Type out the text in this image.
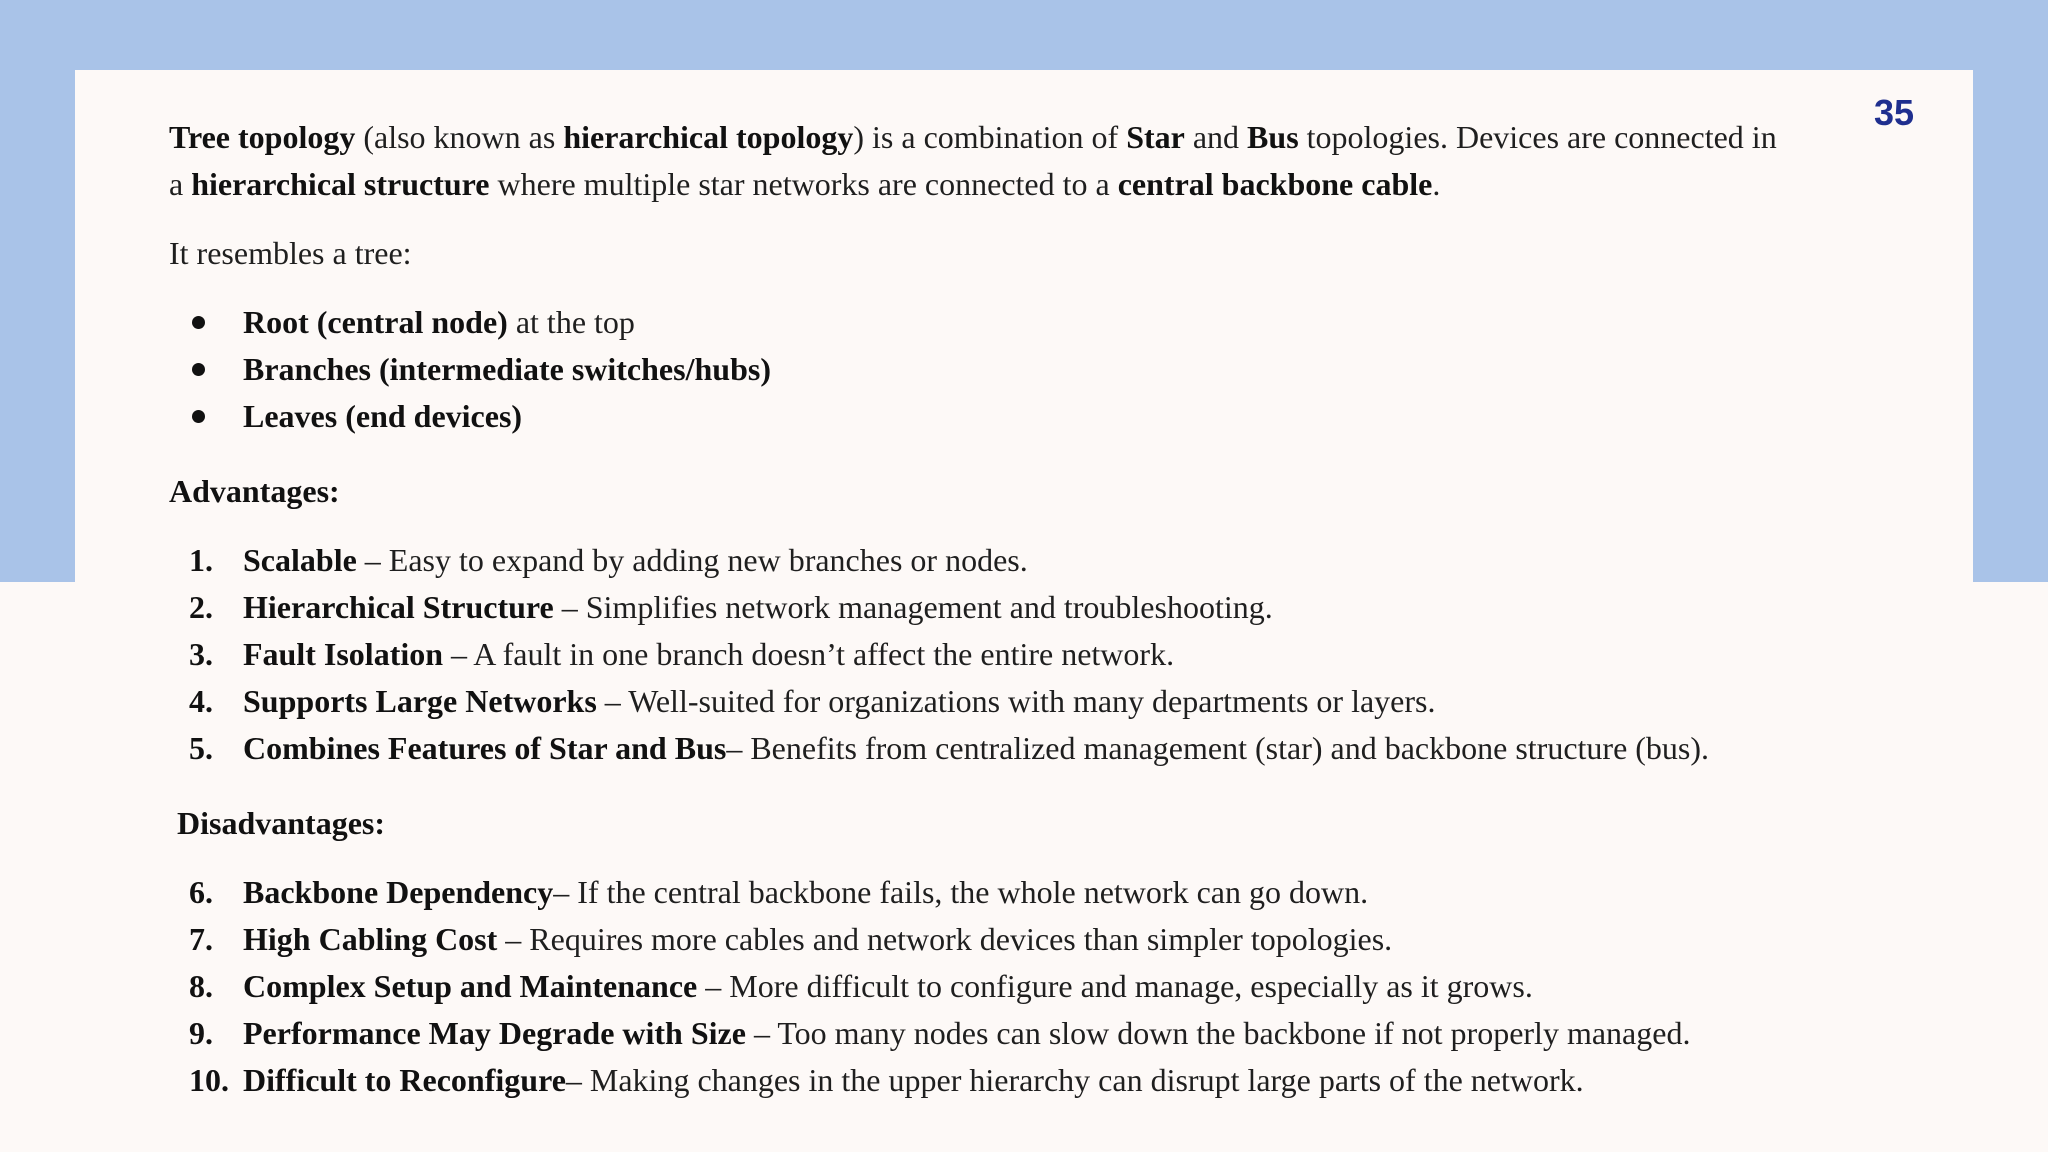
35

Tree topology (also known as hierarchical topology) is a combination of Star and Bus topologies. Devices are connected in
a hierarchical structure where multiple star networks are connected to a central backbone cable.

It resembles a tree:

Root (central node) at the top
Branches (intermediate switches/hubs)
Leaves (end devices)

Advantages:

1. Scalable – Easy to expand by adding new branches or nodes.
2. Hierarchical Structure – Simplifies network management and troubleshooting.
3. Fault Isolation – A fault in one branch doesn’t affect the entire network.
4. Supports Large Networks – Well-suited for organizations with many departments or layers.
5. Combines Features of Star and Bus– Benefits from centralized management (star) and backbone structure (bus).

Disadvantages:

6. Backbone Dependency– If the central backbone fails, the whole network can go down.
7. High Cabling Cost – Requires more cables and network devices than simpler topologies.
8. Complex Setup and Maintenance – More difficult to configure and manage, especially as it grows.
9. Performance May Degrade with Size – Too many nodes can slow down the backbone if not properly managed.
10. Difficult to Reconfigure– Making changes in the upper hierarchy can disrupt large parts of the network.
